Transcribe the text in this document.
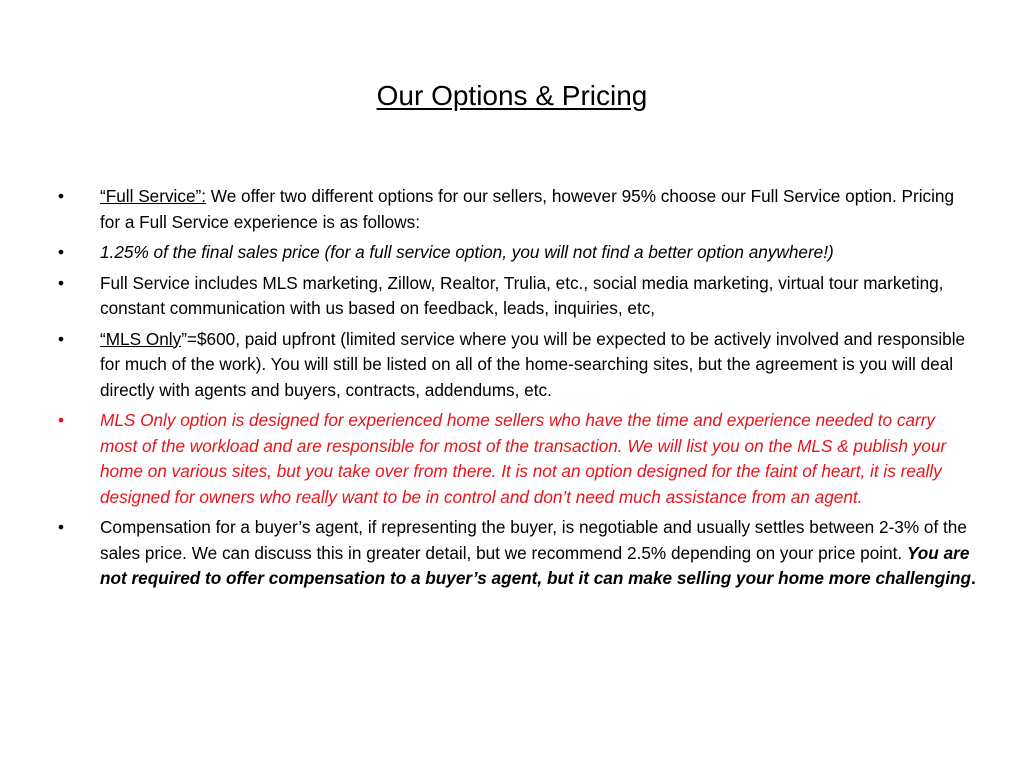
Our Options & Pricing
•	“Full Service”: We offer two different options for our sellers, however 95% choose our Full Service option. Pricing for a Full Service experience is as follows:
•	1.25% of the final sales price (for a full service option, you will not find a better option anywhere!)
•	Full Service includes MLS marketing, Zillow, Realtor, Trulia, etc., social media marketing, virtual tour marketing, constant communication with us based on feedback, leads, inquiries, etc,
•	“MLS Only”=$600, paid upfront (limited service where you will be expected to be actively involved and responsible for much of the work). You will still be listed on all of the home-searching sites, but the agreement is you will deal directly with agents and buyers, contracts, addendums, etc.
•	MLS Only option is designed for experienced home sellers who have the time and experience needed to carry most of the workload and are responsible for most of the transaction. We will list you on the MLS & publish your home on various sites, but you take over from there. It is not an option designed for the faint of heart, it is really designed for owners who really want to be in control and don’t need much assistance from an agent.
•	Compensation for a buyer’s agent, if representing the buyer, is negotiable and usually settles between 2-3% of the sales price. We can discuss this in greater detail, but we recommend 2.5% depending on your price point. You are not required to offer compensation to a buyer’s agent, but it can make selling your home more challenging.
